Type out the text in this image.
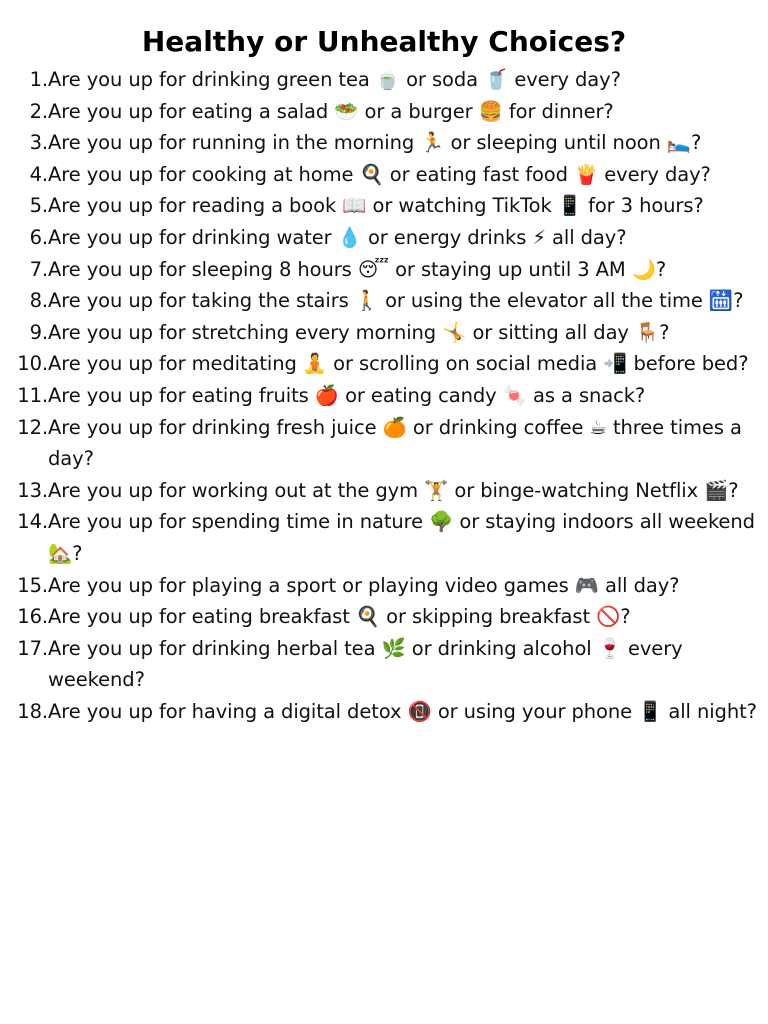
Healthy or Unhealthy Choices?
1. Are you up for drinking green tea 🍵 or soda 🥤 every day?
2. Are you up for eating a salad 🥗 or a burger 🍔 for dinner?
3. Are you up for running in the morning 🏃 or sleeping until noon 🛌?
4. Are you up for cooking at home 🍳 or eating fast food 🍟 every day?
5. Are you up for reading a book 📖 or watching TikTok 📱 for 3 hours?
6. Are you up for drinking water 💧 or energy drinks ⚡ all day?
7. Are you up for sleeping 8 hours 😴 or staying up until 3 AM 🌙?
8. Are you up for taking the stairs 🚶 or using the elevator all the time 🛗?
9. Are you up for stretching every morning 🤸 or sitting all day 🪑?
10. Are you up for meditating 🧘 or scrolling on social media 📲 before bed?
11. Are you up for eating fruits 🍎 or eating candy 🍬 as a snack?
12. Are you up for drinking fresh juice 🍊 or drinking coffee ☕ three times a day?
13. Are you up for working out at the gym 🏋 or binge-watching Netflix 🎬?
14. Are you up for spending time in nature 🌳 or staying indoors all weekend 🏡?
15. Are you up for playing a sport or playing video games 🎮 all day?
16. Are you up for eating breakfast 🍳 or skipping breakfast 🚫?
17. Are you up for drinking herbal tea 🌿 or drinking alcohol 🍷 every weekend?
18. Are you up for having a digital detox 📵 or using your phone 📱 all night?
